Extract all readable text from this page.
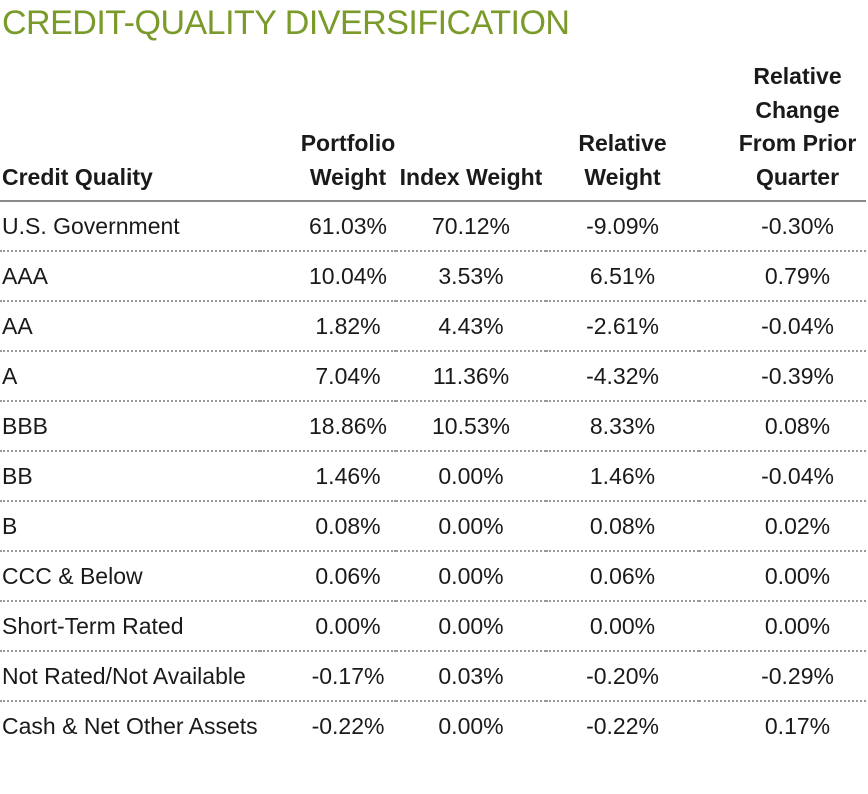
CREDIT-QUALITY DIVERSIFICATION
Credit Quality	Portfolio Weight	Index Weight	Relative Weight	Relative Change From Prior Quarter
U.S. Government	61.03%	70.12%	-9.09%	-0.30%
AAA	10.04%	3.53%	6.51%	0.79%
AA	1.82%	4.43%	-2.61%	-0.04%
A	7.04%	11.36%	-4.32%	-0.39%
BBB	18.86%	10.53%	8.33%	0.08%
BB	1.46%	0.00%	1.46%	-0.04%
B	0.08%	0.00%	0.08%	0.02%
CCC & Below	0.06%	0.00%	0.06%	0.00%
Short-Term Rated	0.00%	0.00%	0.00%	0.00%
Not Rated/Not Available	-0.17%	0.03%	-0.20%	-0.29%
Cash & Net Other Assets	-0.22%	0.00%	-0.22%	0.17%
